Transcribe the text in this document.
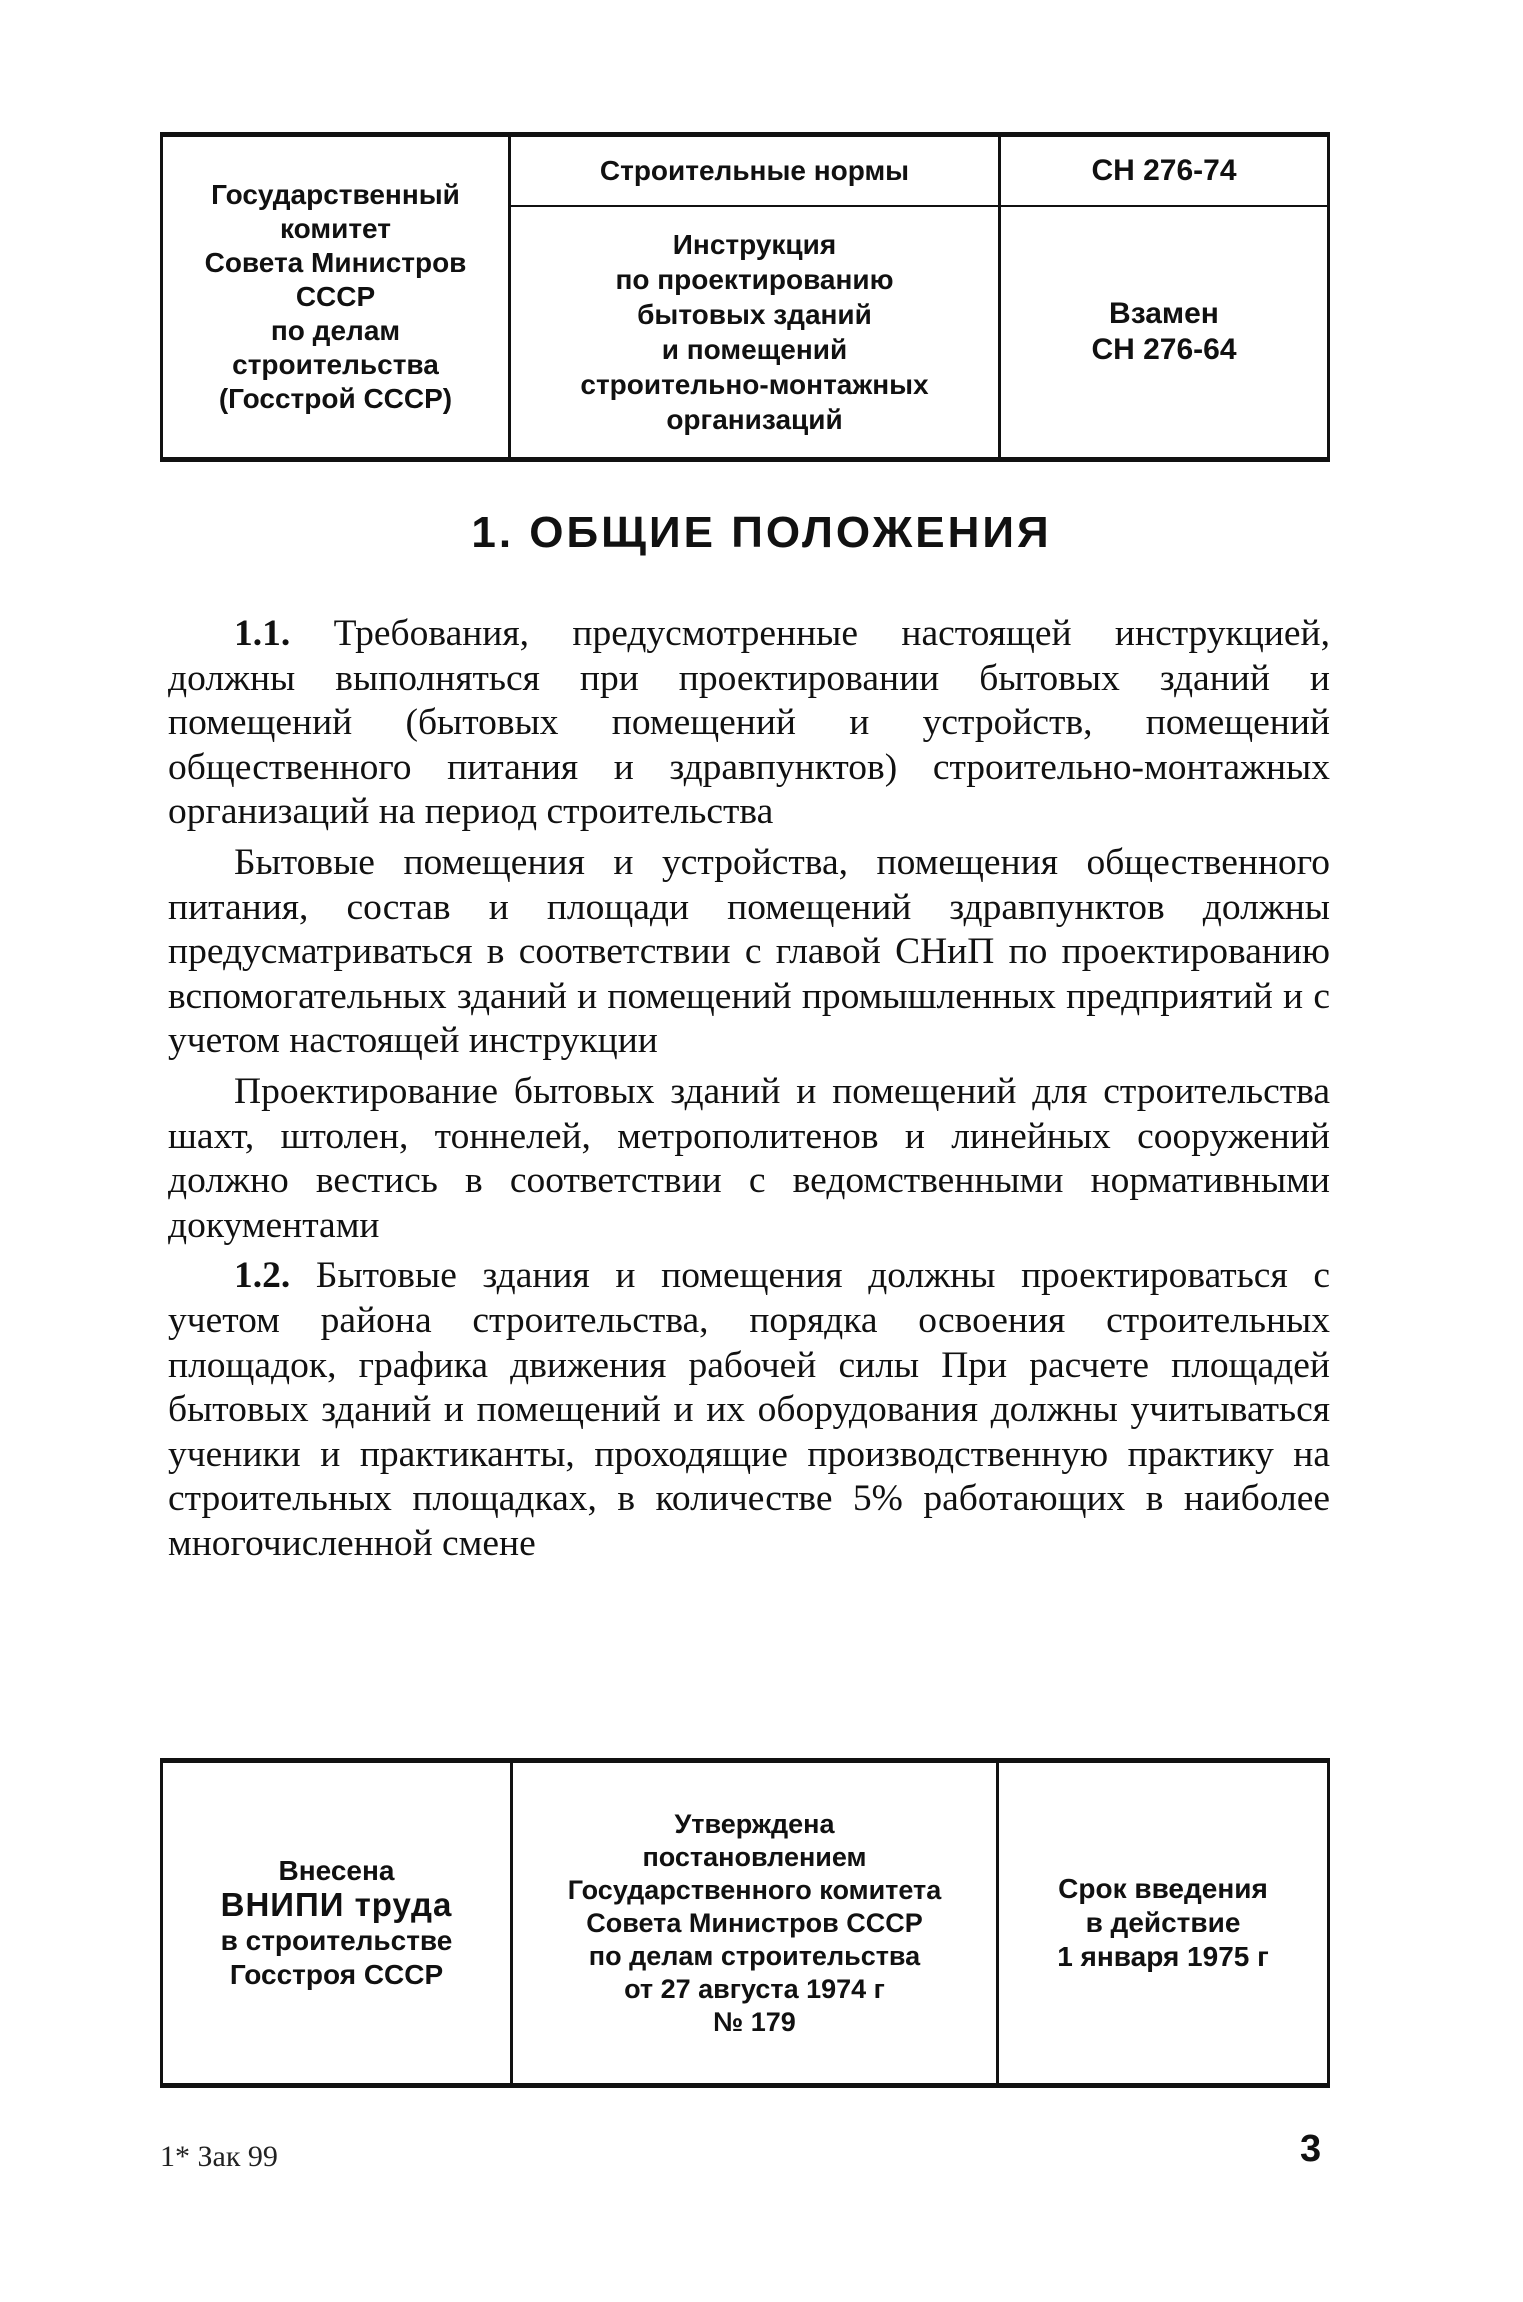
Государственный
комитет
Совета Министров
СССР
по делам
строительства
(Госстрой СССР)
Строительные нормы
Инструкция
по проектированию
бытовых зданий
и помещений
строительно-монтажных
организаций
СН 276-74
Взамен
СН 276-64
1. ОБЩИЕ ПОЛОЖЕНИЯ

1.1. Требования, предусмотренные настоящей инструкцией, должны выполняться при проектировании бытовых зданий и помещений (бытовых помещений и устройств, помещений общественного питания и здравпунктов) строительно-монтажных организаций на период строительства

Бытовые помещения и устройства, помещения общественного питания, состав и площади помещений здравпунктов должны предусматриваться в соответствии с главой СНиП по проектированию вспомогательных зданий и помещений промышленных предприятий и с учетом настоящей инструкции

Проектирование бытовых зданий и помещений для строительства шахт, штолен, тоннелей, метрополитенов и линейных сооружений должно вестись в соответствии с ведомственными нормативными документами

1.2. Бытовые здания и помещения должны проектироваться с учетом района строительства, порядка освоения строительных площадок, графика движения рабочей силы При расчете площадей бытовых зданий и помещений и их оборудования должны учитываться ученики и практиканты, проходящие производственную практику на строительных площадках, в количестве 5% работающих в наиболее многочисленной смене

Внесена
ВНИПИ труда
в строительстве
Госстроя СССР
Утверждена
постановлением
Государственного комитета
Совета Министров СССР
по делам строительства
от 27 августа 1974 г
№ 179
Срок введения
в действие
1 января 1975 г
1* Зак 99	3
